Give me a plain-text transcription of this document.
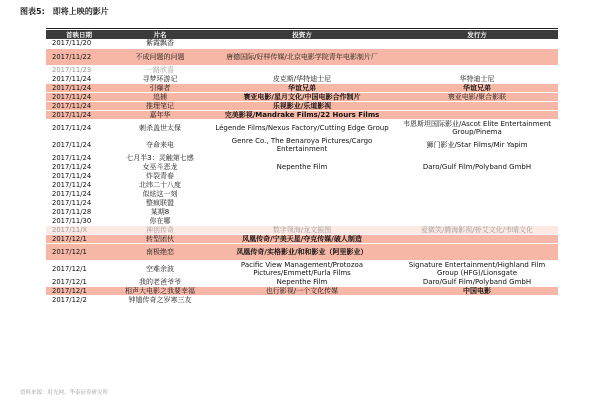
图表5: 即将上映的影片
首映日期	片名	投资方	发行方
2017/11/20	紫霞飘香		
2017/11/22	不成问题的问题	唐德国际/好样传媒/北京电影学院青年电影制片厂	
2017/11/23	一路欣喜		
2017/11/24	寻梦环游记	皮克斯/华特迪士尼	华特迪士尼
2017/11/24	引爆者	华谊兄弟	华谊兄弟
2017/11/24	追捕	寰亚电影/星月文化/中国电影合作制片	寰亚电影/聚合影联
2017/11/24	推理笔记	乐视影业/乐道影视	
2017/11/24	嘉年华	完美影视/Mandrake Films/22 Hours Films	
2017/11/24	刺杀盖世太保	Légende Films/Nexus Factory/Cutting Edge Group	韦恩斯坦国际影业/Ascot Elite Entertainment Group/Pinema
2017/11/24	夺命来电	Genre Co., The Benaroya Pictures/Cargo Entertainment	狮门影业/Star Films/Mir Yapim
2017/11/24	七月半3：灵触第七感		
2017/11/24	女巫斗恶龙	Nepenthe Film	Daro/Gulf Film/Polyband GmbH
2017/11/24	炸裂青春		
2017/11/24	北纬二十八度		
2017/11/24	似炫这一刻		
2017/11/24	整疯联盟		
2017/11/28	某期8		
2017/11/30	你在哪		
2017/11/X	神创传奇	数字领海/龙文振图	爱微笑/腾海影视/桥艾文化/韦晴文化
2017/12/1	转型团伙	凤凰传奇/宁美天星/夺克传媒/破人制造	
2017/12/1	南极绝恋	凤凰传奇/实格影业/和和影业（阿里影业）	
2017/12/1	空难余波	Pacific View Management/Protozoa Pictures/Emmett/Furla Films	Signature Entertainment/Highland Film Group (HFG)/Lionsgate
2017/12/1	我的老爸爷爷	Nepenthe Film	Daro/Gulf Film/Polyband GmbH
2017/12/1	相声大电影之我要幸福	也行影视/一个文化传媒	中国电影
2017/12/2	钟馗传奇之岁寒三友		
资料来源：时光网，华泰证券研究所
